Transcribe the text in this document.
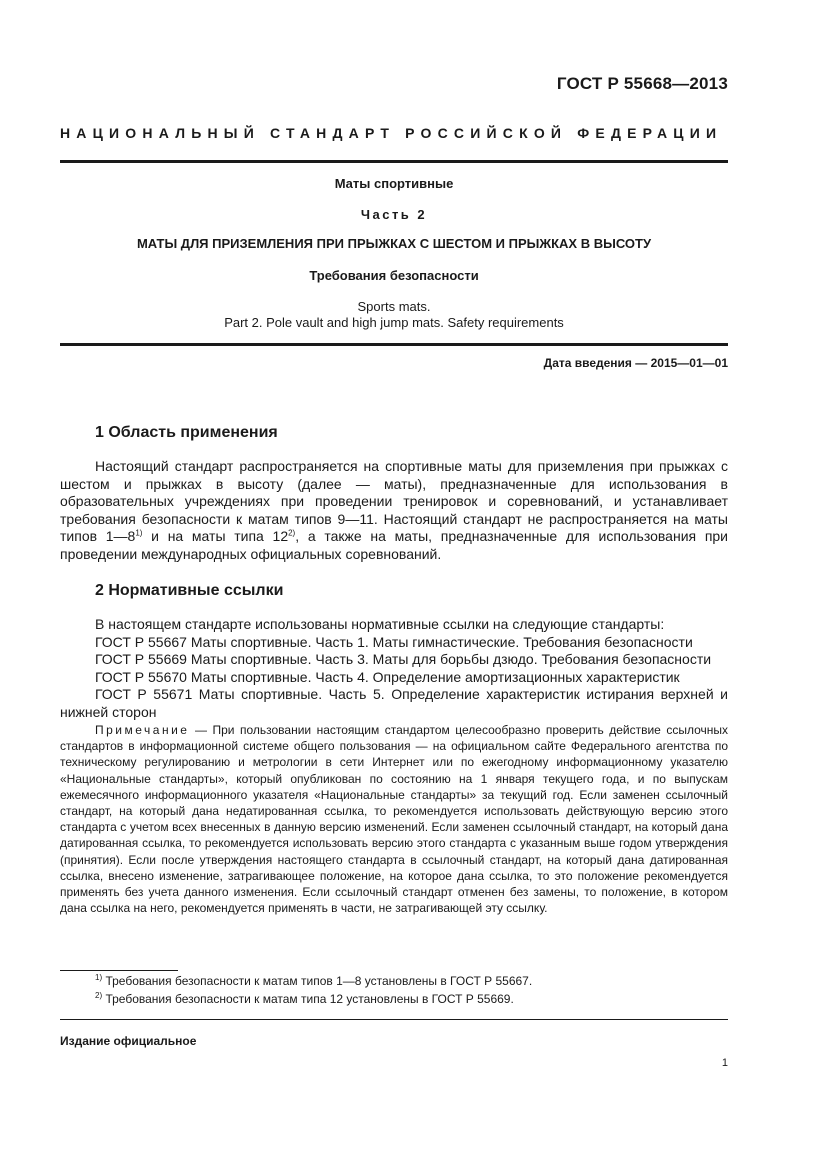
ГОСТ Р 55668—2013
НАЦИОНАЛЬНЫЙ СТАНДАРТ РОССИЙСКОЙ ФЕДЕРАЦИИ
Маты спортивные
Часть 2
МАТЫ ДЛЯ ПРИЗЕМЛЕНИЯ ПРИ ПРЫЖКАХ С ШЕСТОМ И ПРЫЖКАХ В ВЫСОТУ
Требования безопасности
Sports mats.
Part 2. Pole vault and high jump mats. Safety requirements
Дата введения — 2015—01—01
1 Область применения

Настоящий стандарт распространяется на спортивные маты для приземления при прыжках с шестом и прыжках в высоту (далее — маты), предназначенные для использования в образовательных учреждениях при проведении тренировок и соревнований, и устанавливает требования безопасности к матам типов 9—11. Настоящий стандарт не распространяется на маты типов 1—8$^{1)}$ и на маты типа 12$^{2)}$, а также на маты, предназначенные для использования при проведении международных официальных соревнований.

2 Нормативные ссылки
В настоящем стандарте использованы нормативные ссылки на следующие стандарты:
ГОСТ Р 55667 Маты спортивные. Часть 1. Маты гимнастические. Требования безопасности
ГОСТ Р 55669 Маты спортивные. Часть 3. Маты для борьбы дзюдо. Требования безопасности
ГОСТ Р 55670 Маты спортивные. Часть 4. Определение амортизационных характеристик
ГОСТ Р 55671 Маты спортивные. Часть 5. Определение характеристик истирания верхней и нижней сторон

Примечание — При пользовании настоящим стандартом целесообразно проверить действие ссылочных стандартов в информационной системе общего пользования — на официальном сайте Федерального агентства по техническому регулированию и метрологии в сети Интернет или по ежегодному информационному указателю «Национальные стандарты», который опубликован по состоянию на 1 января текущего года, и по выпускам ежемесячного информационного указателя «Национальные стандарты» за текущий год. Если заменен ссылочный стандарт, на который дана недатированная ссылка, то рекомендуется использовать действующую версию этого стандарта с учетом всех внесенных в данную версию изменений. Если заменен ссылочный стандарт, на который дана датированная ссылка, то рекомендуется использовать версию этого стандарта с указанным выше годом утверждения (принятия). Если после утверждения настоящего стандарта в ссылочный стандарт, на который дана датированная ссылка, внесено изменение, затрагивающее положение, на которое дана ссылка, то это положение рекомендуется применять без учета данного изменения. Если ссылочный стандарт отменен без замены, то положение, в котором дана ссылка на него, рекомендуется применять в части, не затрагивающей эту ссылку.

$^{1)}$ Требования безопасности к матам типов 1—8 установлены в ГОСТ Р 55667.
$^{2)}$ Требования безопасности к матам типа 12 установлены в ГОСТ Р 55669.
Издание официальное
1
